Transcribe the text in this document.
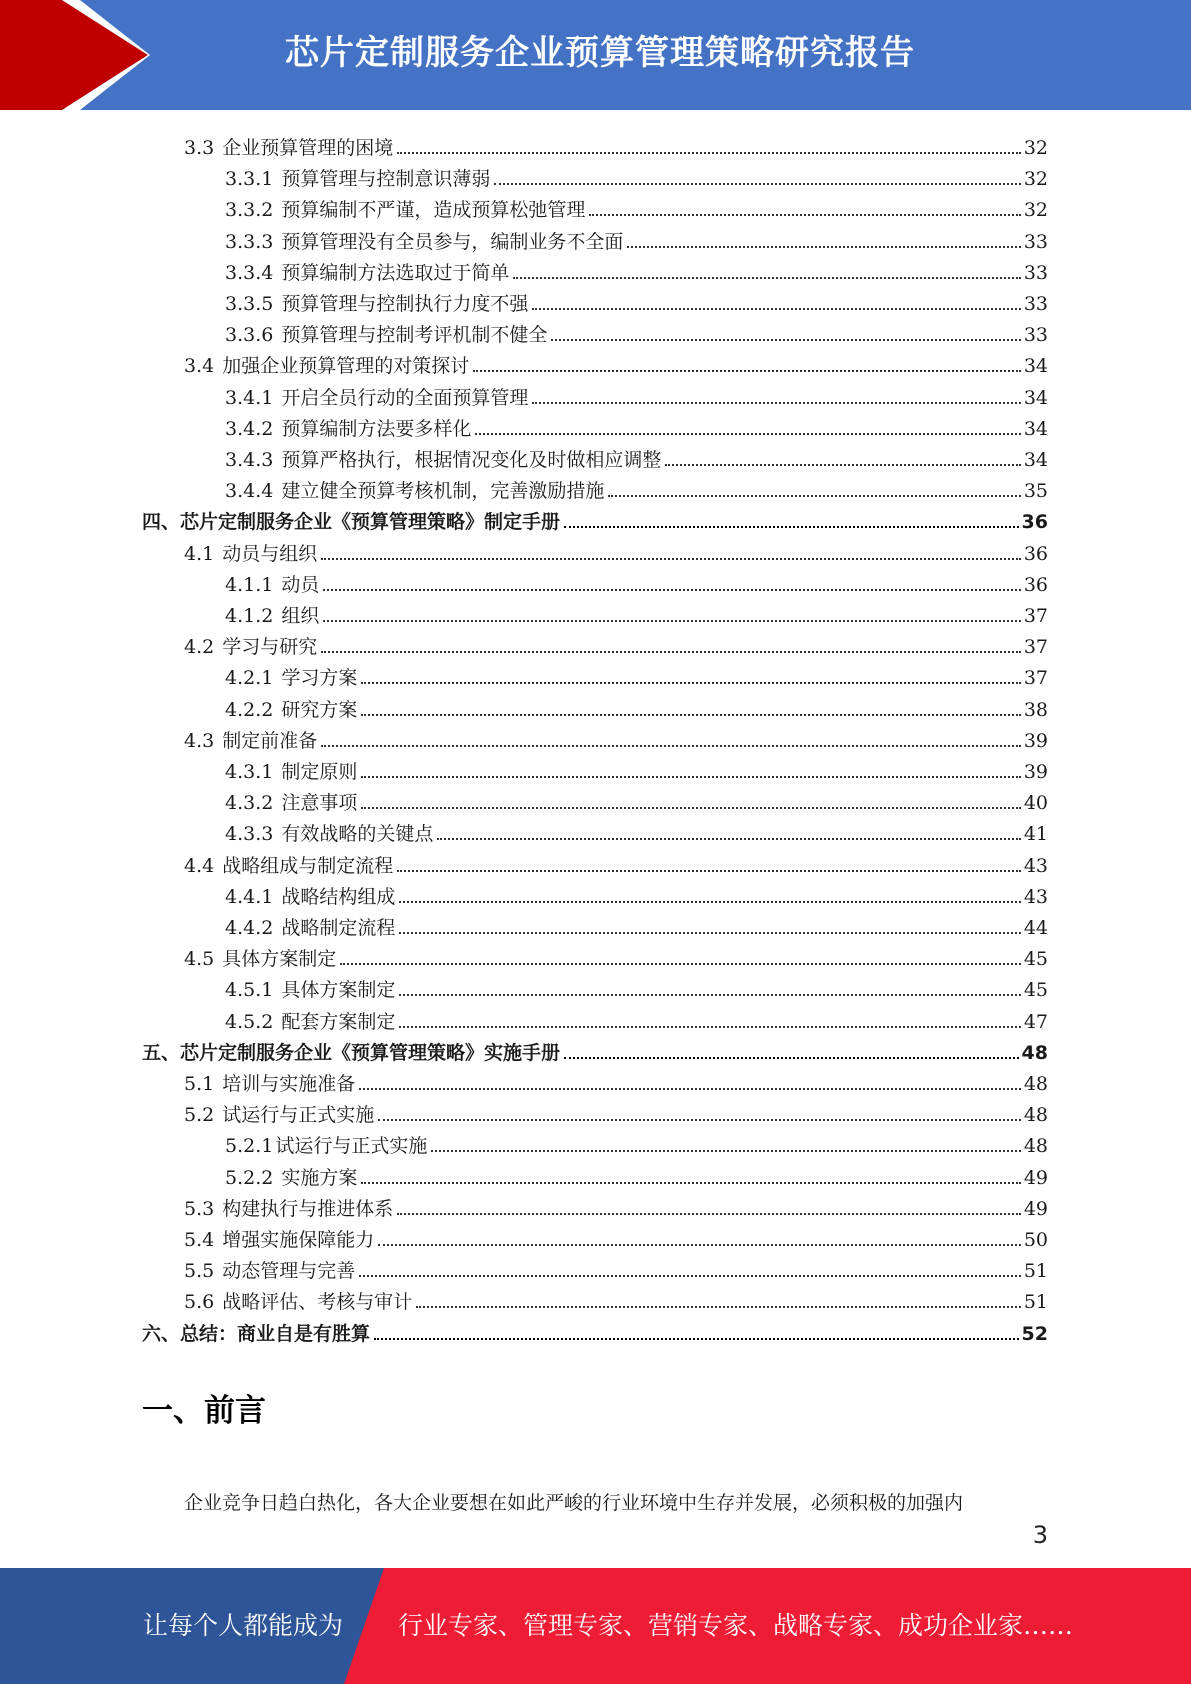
芯片定制服务企业预算管理策略研究报告
3.3 企业预算管理的困境	32
3.3.1 预算管理与控制意识薄弱	32
3.3.2 预算编制不严谨，造成预算松弛管理	32
3.3.3 预算管理没有全员参与，编制业务不全面	33
3.3.4 预算编制方法选取过于简单	33
3.3.5 预算管理与控制执行力度不强	33
3.3.6 预算管理与控制考评机制不健全	33
3.4 加强企业预算管理的对策探讨	34
3.4.1 开启全员行动的全面预算管理	34
3.4.2 预算编制方法要多样化	34
3.4.3 预算严格执行，根据情况变化及时做相应调整	34
3.4.4 建立健全预算考核机制，完善激励措施	35
四、 芯片定制服务企业《预算管理策略》制定手册	36
4.1 动员与组织	36
4.1.1 动员	36
4.1.2 组织	37
4.2 学习与研究	37
4.2.1 学习方案	37
4.2.2 研究方案	38
4.3 制定前准备	39
4.3.1 制定原则	39
4.3.2 注意事项	40
4.3.3 有效战略的关键点	41
4.4 战略组成与制定流程	43
4.4.1 战略结构组成	43
4.4.2 战略制定流程	44
4.5 具体方案制定	45
4.5.1 具体方案制定	45
4.5.2 配套方案制定	47
五、 芯片定制服务企业《预算管理策略》实施手册	48
5.1 培训与实施准备	48
5.2 试运行与正式实施	48
5.2.1 试运行与正式实施	48
5.2.2 实施方案	49
5.3 构建执行与推进体系	49
5.4 增强实施保障能力	50
5.5 动态管理与完善	51
5.6 战略评估、考核与审计	51
六、 总结：商业自是有胜算	52
一、前言
企业竞争日趋白热化，各大企业要想在如此严峻的行业环境中生存并发展，必须积极的加强内
3
让每个人都能成为 行业专家、管理专家、营销专家、战略专家、成功企业家……
